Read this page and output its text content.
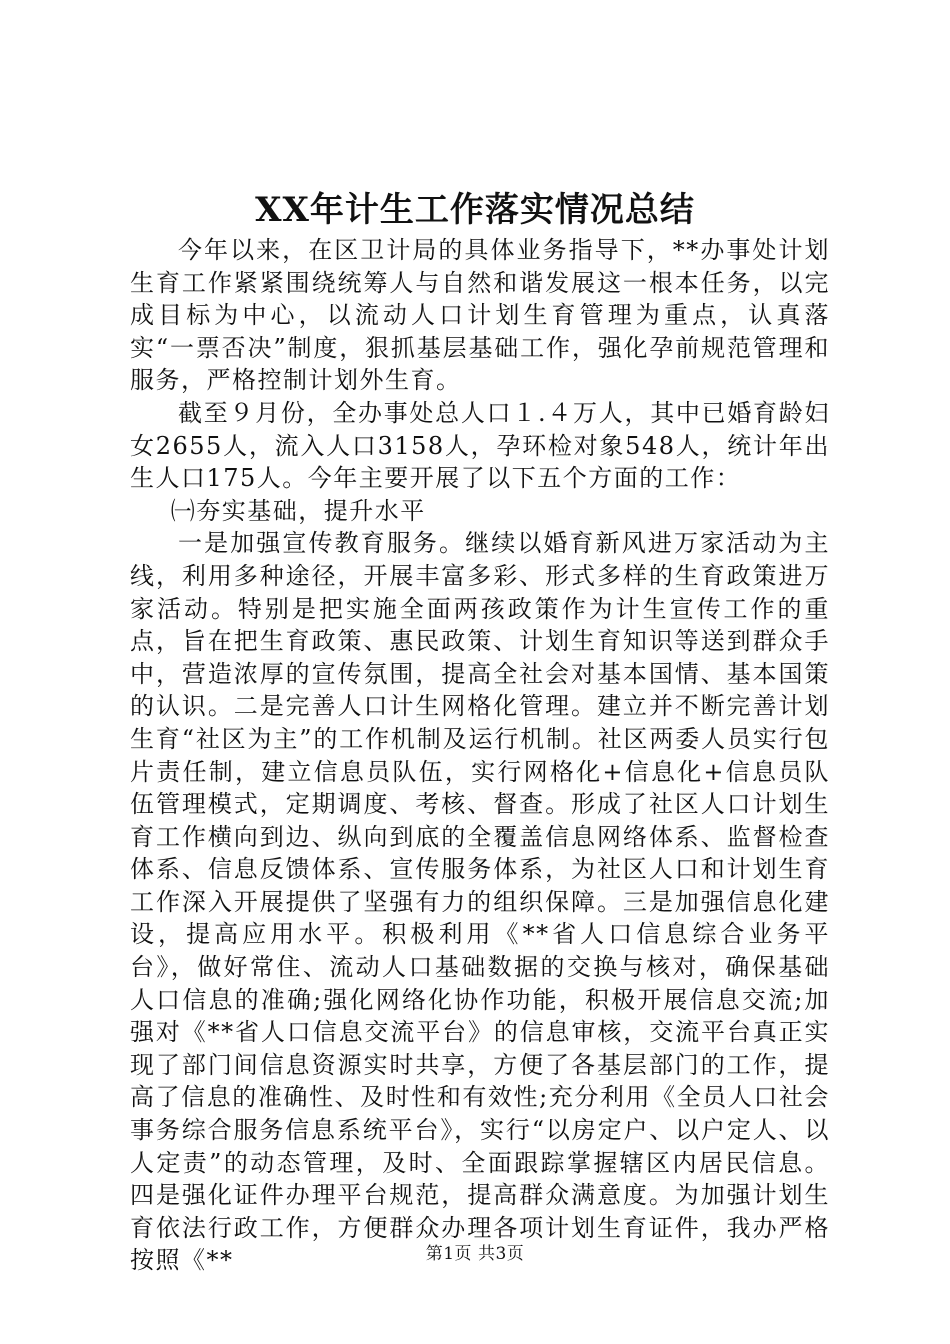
XX年计生工作落实情况总结

今年以来，在区卫计局的具体业务指导下，**办事处计划生育工作紧紧围绕统筹人与自然和谐发展这一根本任务，以完成目标为中心，以流动人口计划生育管理为重点，认真落实“一票否决”制度，狠抓基层基础工作，强化孕前规范管理和服务，严格控制计划外生育。

截至９月份，全办事处总人口１.４万人，其中已婚育龄妇女2655人，流入人口3158人，孕环检对象548人，统计年出生人口175人。今年主要开展了以下五个方面的工作：

㈠夯实基础，提升水平

一是加强宣传教育服务。继续以婚育新风进万家活动为主线，利用多种途径，开展丰富多彩、形式多样的生育政策进万家活动。特别是把实施全面两孩政策作为计生宣传工作的重点，旨在把生育政策、惠民政策、计划生育知识等送到群众手中，营造浓厚的宣传氛围，提高全社会对基本国情、基本国策的认识。二是完善人口计生网格化管理。建立并不断完善计划生育“社区为主”的工作机制及运行机制。社区两委人员实行包片责任制，建立信息员队伍，实行网格化+信息化+信息员队伍管理模式，定期调度、考核、督查。形成了社区人口计划生育工作横向到边、纵向到底的全覆盖信息网络体系、监督检查体系、信息反馈体系、宣传服务体系，为社区人口和计划生育工作深入开展提供了坚强有力的组织保障。三是加强信息化建设，提高应用水平。积极利用《**省人口信息综合业务平台》，做好常住、流动人口基础数据的交换与核对，确保基础人口信息的准确;强化网络化协作功能，积极开展信息交流;加强对《**省人口信息交流平台》的信息审核，交流平台真正实现了部门间信息资源实时共享，方便了各基层部门的工作，提高了信息的准确性、及时性和有效性;充分利用《全员人口社会事务综合服务信息系统平台》，实行“以房定户、以户定人、以人定责”的动态管理，及时、全面跟踪掌握辖区内居民信息。四是强化证件办理平台规范，提高群众满意度。为加强计划生育依法行政工作，方便群众办理各项计划生育证件，我办严格按照《**	第1页 共3页
